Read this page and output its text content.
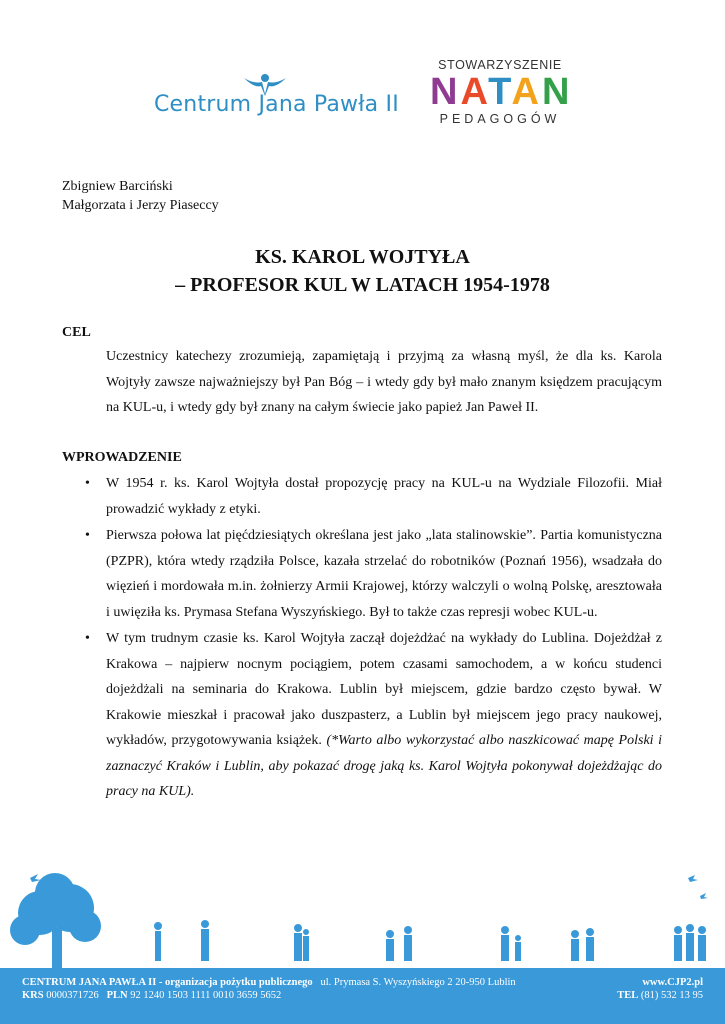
Centrum Jana Pawła II
STOWARZYSZENIE
NATAN
PEDAGOGÓW
Zbigniew Barciński
Małgorzata i Jerzy Piaseccy
KS. KAROL WOJTYŁA
– PROFESOR KUL W LATACH 1954-1978
CEL
Uczestnicy katechezy zrozumieją, zapamiętają i przyjmą za własną myśl, że dla ks. Karola Wojtyły zawsze najważniejszy był Pan Bóg – i wtedy gdy był mało znanym księdzem pracującym na KUL-u, i wtedy gdy był znany na całym świecie jako papież Jan Paweł II.
WPROWADZENIE
• W 1954 r. ks. Karol Wojtyła dostał propozycję pracy na KUL-u na Wydziale Filozofii. Miał prowadzić wykłady z etyki.
• Pierwsza połowa lat pięćdziesiątych określana jest jako „lata stalinowskie”. Partia komunistyczna (PZPR), która wtedy rządziła Polsce, kazała strzelać do robotników (Poznań 1956), wsadzała do więzień i mordowała m.in. żołnierzy Armii Krajowej, którzy walczyli o wolną Polskę, aresztowała i uwięziła ks. Prymasa Stefana Wyszyńskiego. Był to także czas represji wobec KUL-u.
• W tym trudnym czasie ks. Karol Wojtyła zaczął dojeżdżać na wykłady do Lublina. Dojeżdżał z Krakowa – najpierw nocnym pociągiem, potem czasami samochodem, a w końcu studenci dojeżdżali na seminaria do Krakowa. Lublin był miejscem, gdzie bardzo często bywał. W Krakowie mieszkał i pracował jako duszpasterz, a Lublin był miejscem jego pracy naukowej, wykładów, przygotowywania książek. (*Warto albo wykorzystać albo naszkicować mapę Polski i zaznaczyć Kraków i Lublin, aby pokazać drogę jaką ks. Karol Wojtyła pokonywał dojeżdżając do pracy na KUL).
CENTRUM JANA PAWŁA II - organizacja pożytku publicznego ul. Prymasa S. Wyszyńskiego 2 20-950 Lublin
KRS 0000371726 PLN 92 1240 1503 1111 0010 3659 5652
www.CJP2.pl
TEL (81) 532 13 95
